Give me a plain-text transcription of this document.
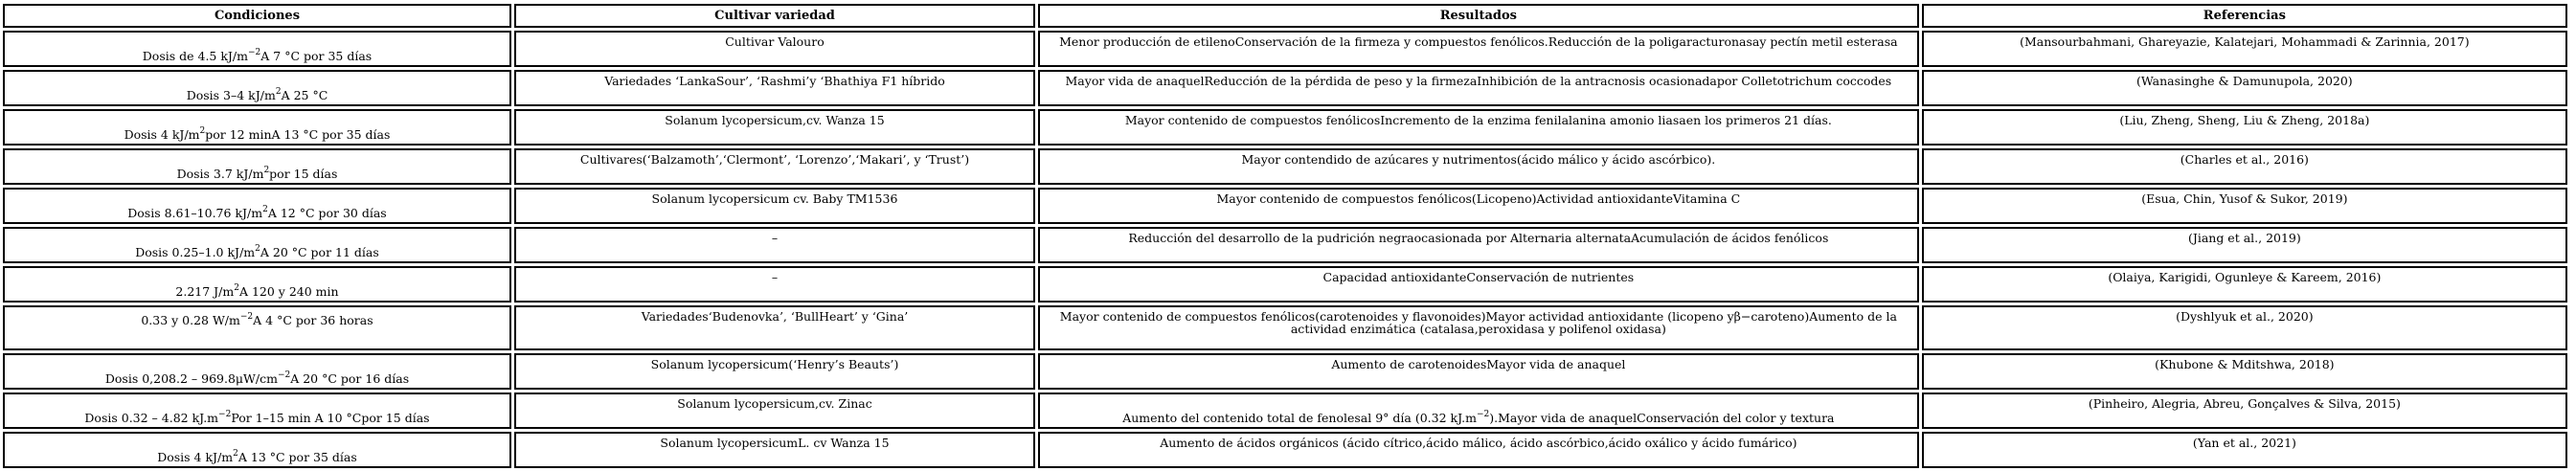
Condiciones	Cultivar variedad	Resultados	Referencias
Dosis de 4.5 $kJ/m^{-2}A$ 7 °C por 35 días	Cultivar Valouro	Menor producción de etilenoConservación de la firmeza y compuestos fenólicos.Reducción de la poligaracturonasay pectín metil esterasa	(Mansourbahmani, Ghareyazie, Kalatejari, Mohammadi & Zarinnia, 2017)
Dosis 3–4 $kJ/m^2A$ 25 °C	Variedades ‘LankaSour’, ‘Rashmi’y ‘Bhathiya F1 híbrido	Mayor vida de anaquelReducción de la pérdida de peso y la firmezaInhibición de la antracnosis ocasionadapor Colletotrichum coccodes	(Wanasinghe & Damunupola, 2020)
Dosis 4 $kJ/m^2por$ 12 minA 13 °C por 35 días	Solanum lycopersicum,cv. Wanza 15	Mayor contenido de compuestos fenólicosIncremento de la enzima fenilalanina amonio liasaen los primeros 21 días.	(Liu, Zheng, Sheng, Liu & Zheng, 2018a)
Dosis 3.7 $kJ/m^2por$ 15 días	Cultivares(‘Balzamoth’,‘Clermont’, ‘Lorenzo’,‘Makari’, y ‘Trust’)	Mayor contendido de azúcares y nutrimentos(ácido málico y ácido ascórbico).	(Charles et al., 2016)
Dosis 8.61–10.76 $kJ/m^2A$ 12 °C por 30 días	Solanum lycopersicum cv. Baby TM1536	Mayor contenido de compuestos fenólicos(Licopeno)Actividad antioxidanteVitamina C	(Esua, Chin, Yusof & Sukor, 2019)
Dosis 0.25–1.0 $kJ/m^2A$ 20 °C por 11 días	–	Reducción del desarrollo de la pudrición negraocasionada por Alternaria alternataAcumulación de ácidos fenólicos	(Jiang et al., 2019)
2.217 $J/m^2A$ 120 y 240 min	–	Capacidad antioxidanteConservación de nutrientes	(Olaiya, Karigidi, Ogunleye & Kareem, 2016)
0.33 y 0.28 $W/m^{-2}A$ 4 °C por 36 horas	Variedades‘Budenovka’, ‘BullHeart’ y ‘Gina’	Mayor contenido de compuestos fenólicos(carotenoides y flavonoides)Mayor actividad antioxidante (licopeno yβ−caroteno)Aumento de la actividad enzimática (catalasa,peroxidasa y polifenol oxidasa)	(Dyshlyuk et al., 2020)
Dosis $0,208.2 - 969.8\mu W/cm^{-2}A$ 20 °C por 16 días	Solanum lycopersicum(‘Henry’s Beauts’)	Aumento de carotenoidesMayor vida de anaquel	(Khubone & Mditshwa, 2018)
Dosis 0.32 – 4.82 $kJ.m^{-2}Por$ 1–15 min A 10 °Cpor 15 días	Solanum lycopersicum,cv. Zinac	Aumento del contenido total de fenolesal 9° día (0.32 $kJ.m^{-2}).Mayor$ vida de anaquelConservación del color y textura	(Pinheiro, Alegria, Abreu, Gonçalves & Silva, 2015)
Dosis 4 $kJ/m^2A$ 13 °C por 35 días	Solanum lycopersicumL. cv Wanza 15	Aumento de ácidos orgánicos (ácido cítrico,ácido málico, ácido ascórbico,ácido oxálico y ácido fumárico)	(Yan et al., 2021)
